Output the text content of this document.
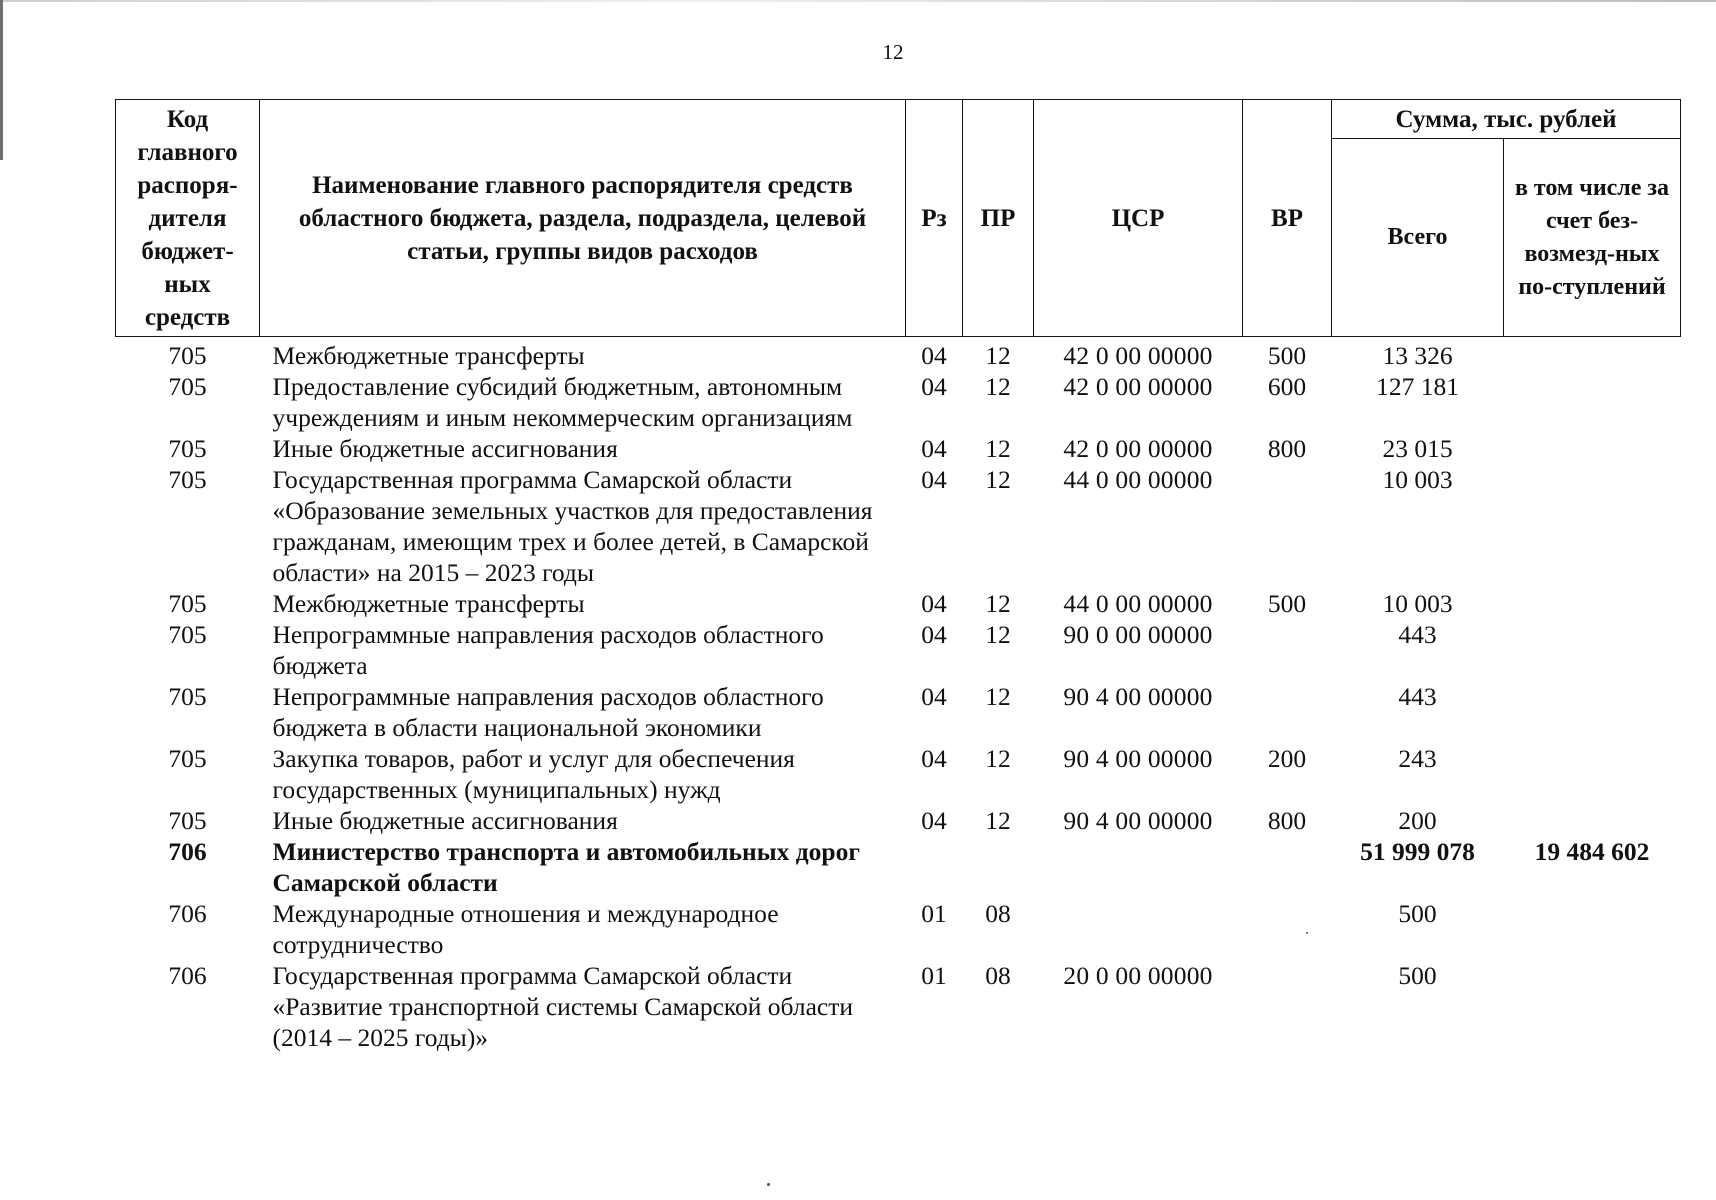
12
Код главного распоря-дителя бюджет-ных средств	Наименование главного распорядителя средств областного бюджета, раздела, подраздела, целевой статьи, группы видов расходов	Рз	ПР	ЦСР	ВР	Сумма, тыс. рублей	
						Всего	в том числе за счет без-возмезд-ных по-ступлений
705	Межбюджетные трансферты	04	12	42 0 00 00000	500	13 326	
705	Предоставление субсидий бюджетным, автономным учреждениям и иным некоммерческим организациям	04	12	42 0 00 00000	600	127 181	
705	Иные бюджетные ассигнования	04	12	42 0 00 00000	800	23 015	
705	Государственная программа Самарской области «Образование земельных участков для предоставления гражданам, имеющим трех и более детей, в Самарской области» на 2015 – 2023 годы	04	12	44 0 00 00000		10 003	
705	Межбюджетные трансферты	04	12	44 0 00 00000	500	10 003	
705	Непрограммные направления расходов областного бюджета	04	12	90 0 00 00000		443	
705	Непрограммные направления расходов областного бюджета в области национальной экономики	04	12	90 4 00 00000		443	
705	Закупка товаров, работ и услуг для обеспечения государственных (муниципальных) нужд	04	12	90 4 00 00000	200	243	
705	Иные бюджетные ассигнования	04	12	90 4 00 00000	800	200	
706	Министерство транспорта и автомобильных дорог Самарской области					51 999 078	19 484 602
706	Международные отношения и международное сотрудничество	01	08			500	
706	Государственная программа Самарской области «Развитие транспортной системы Самарской области (2014 – 2025 годы)»	01	08	20 0 00 00000		500	
